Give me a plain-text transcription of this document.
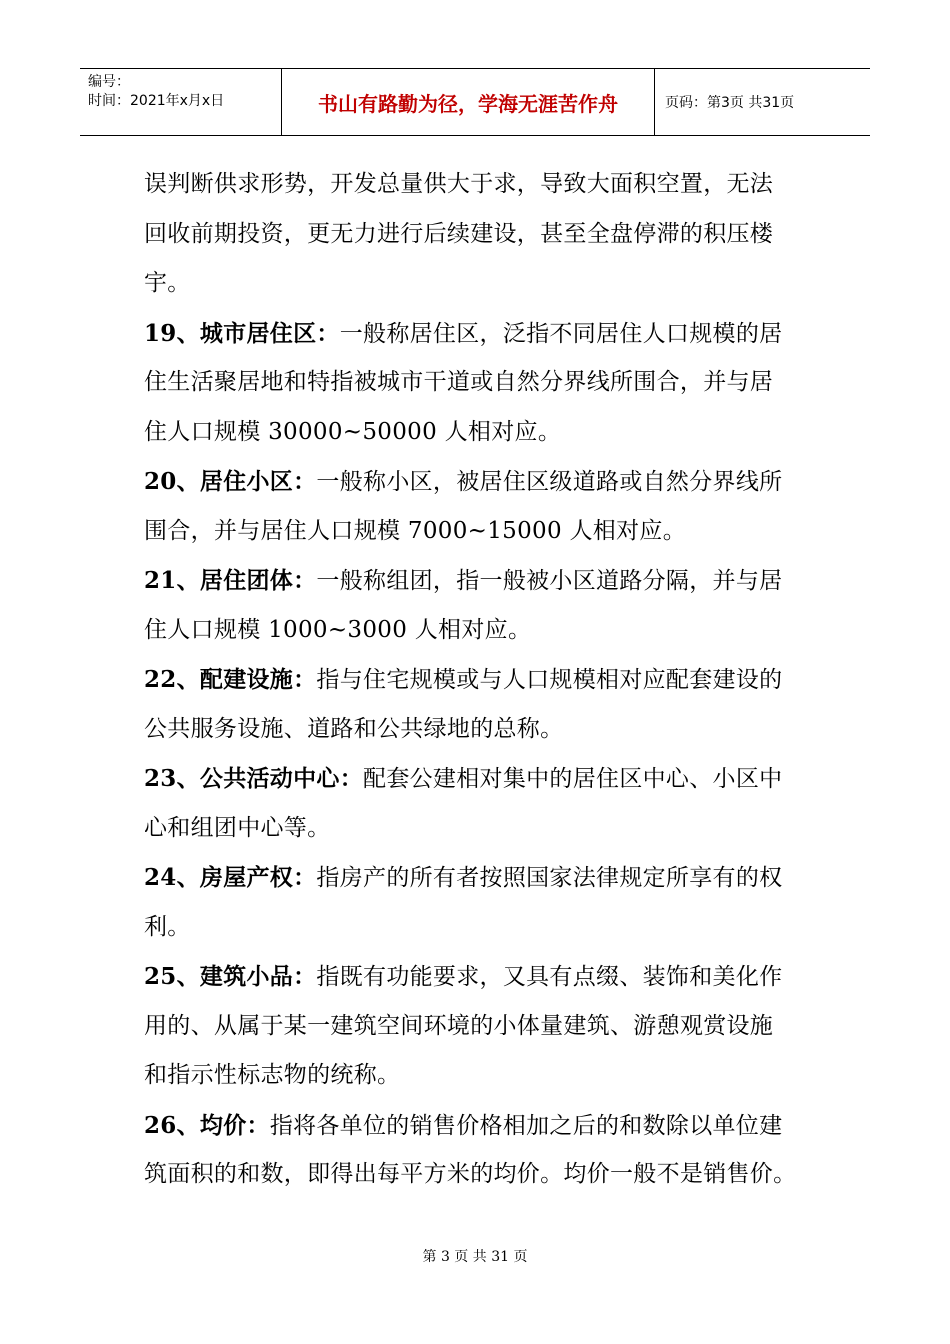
编号：
时间：2021年x月x日	书山有路勤为径，学海无涯苦作舟	页码：第3页 共31页
误判断供求形势，开发总量供大于求，导致大面积空置，无法
回收前期投资，更无力进行后续建设，甚至全盘停滞的积压楼
宇。
19、城市居住区：一般称居住区，泛指不同居住人口规模的居
住生活聚居地和特指被城市干道或自然分界线所围合，并与居
住人口规模 30000~50000 人相对应。
20、居住小区：一般称小区，被居住区级道路或自然分界线所
围合，并与居住人口规模 7000~15000 人相对应。
21、居住团体：一般称组团，指一般被小区道路分隔，并与居
住人口规模 1000~3000 人相对应。
22、配建设施：指与住宅规模或与人口规模相对应配套建设的
公共服务设施、道路和公共绿地的总称。
23、公共活动中心：配套公建相对集中的居住区中心、小区中
心和组团中心等。
24、房屋产权：指房产的所有者按照国家法律规定所享有的权
利。
25、建筑小品：指既有功能要求，又具有点缀、装饰和美化作
用的、从属于某一建筑空间环境的小体量建筑、游憩观赏设施
和指示性标志物的统称。
26、均价：指将各单位的销售价格相加之后的和数除以单位建
筑面积的和数，即得出每平方米的均价。均价一般不是销售价。
第 3 页 共 31 页
